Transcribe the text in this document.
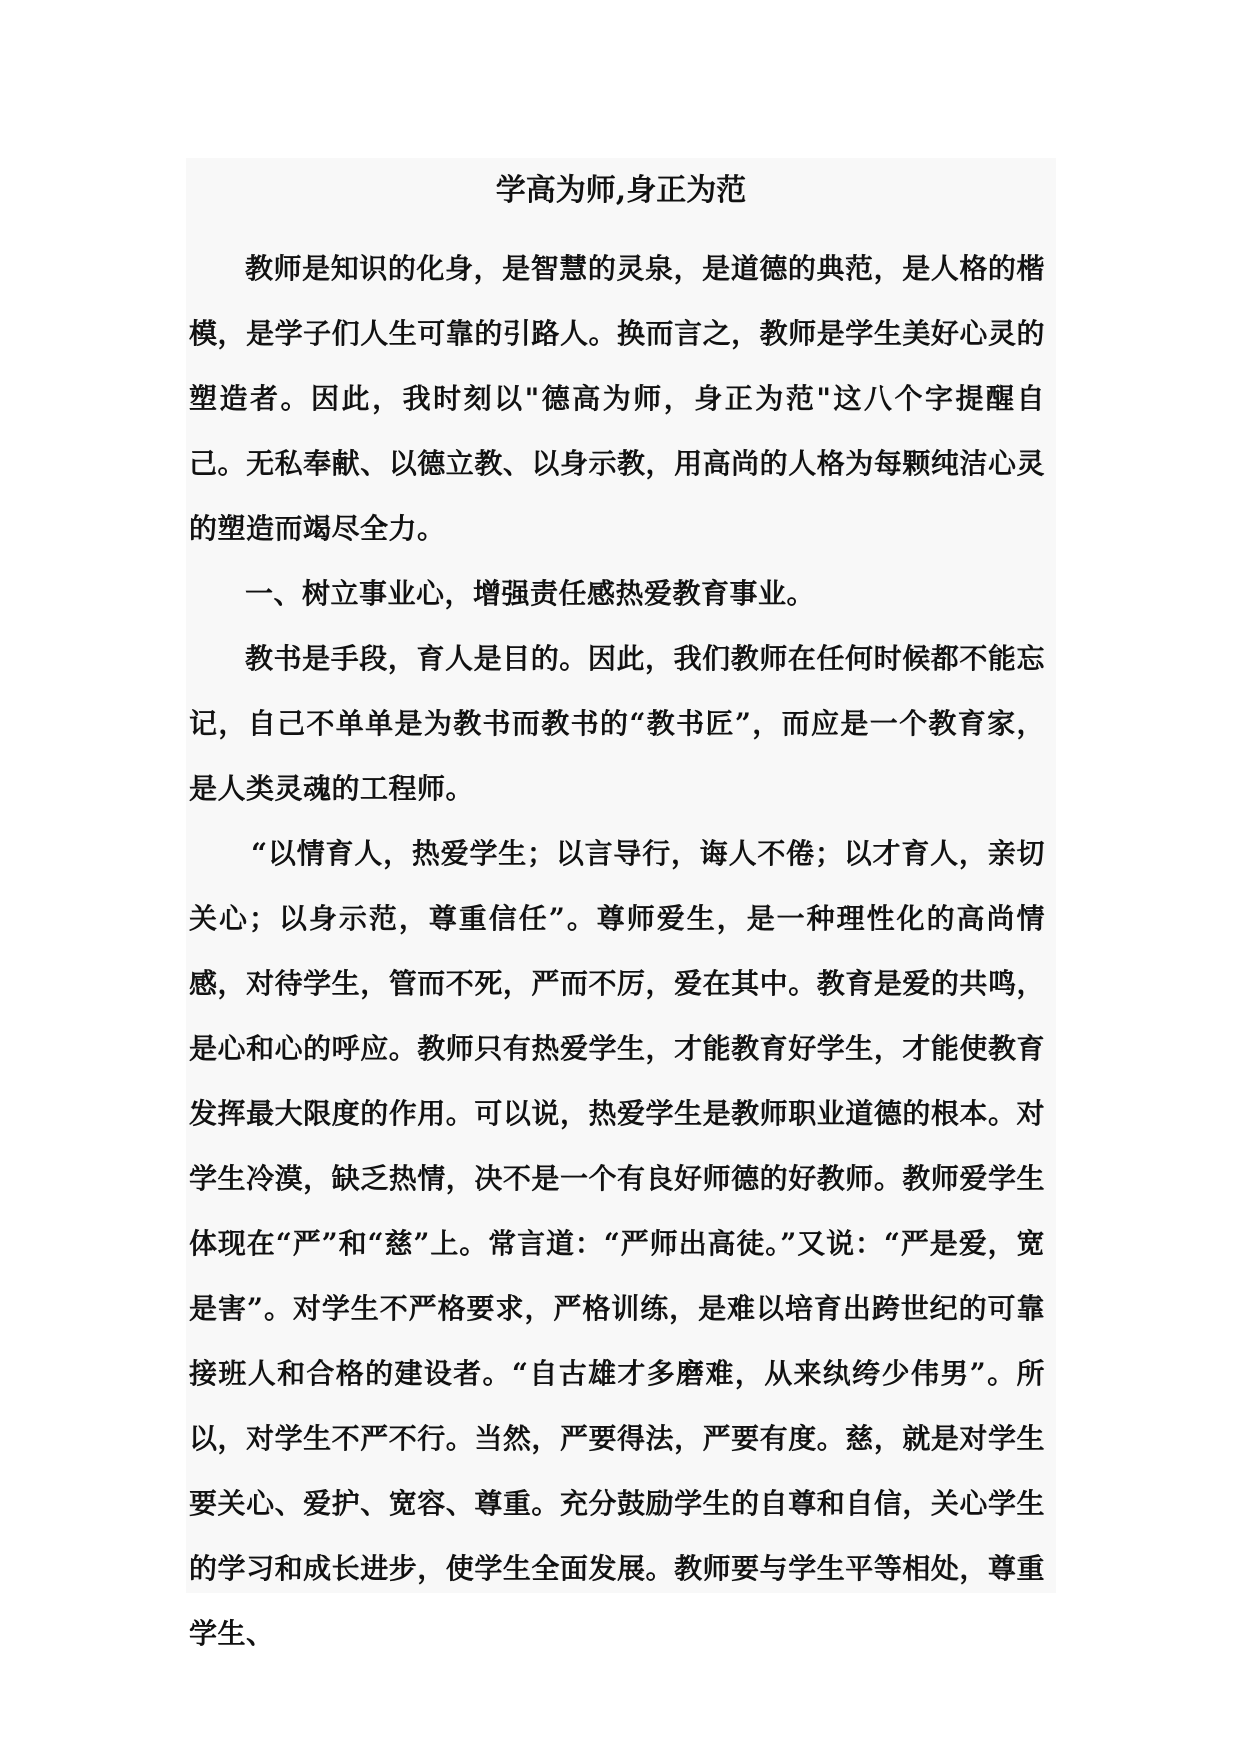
学高为师,身正为范

教师是知识的化身，是智慧的灵泉，是道德的典范，是人格的楷模，是学子们人生可靠的引路人。换而言之，教师是学生美好心灵的塑造者。因此，我时刻以"德高为师，身正为范"这八个字提醒自己。无私奉献、以德立教、以身示教，用高尚的人格为每颗纯洁心灵的塑造而竭尽全力。

一、树立事业心，增强责任感热爱教育事业。

教书是手段，育人是目的。因此，我们教师在任何时候都不能忘记，自己不单单是为教书而教书的“教书匠”，而应是一个教育家，是人类灵魂的工程师。

“以情育人，热爱学生；以言导行，诲人不倦；以才育人，亲切关心；以身示范，尊重信任”。尊师爱生，是一种理性化的高尚情感，对待学生，管而不死，严而不厉，爱在其中。教育是爱的共鸣，是心和心的呼应。教师只有热爱学生，才能教育好学生，才能使教育发挥最大限度的作用。可以说，热爱学生是教师职业道德的根本。对学生冷漠，缺乏热情，决不是一个有良好师德的好教师。教师爱学生体现在“严”和“慈”上。常言道：“严师出高徒。”又说：“严是爱，宽是害”。对学生不严格要求，严格训练，是难以培育出跨世纪的可靠接班人和合格的建设者。“自古雄才多磨难，从来纨绔少伟男”。所以，对学生不严不行。当然，严要得法，严要有度。慈，就是对学生要关心、爱护、宽容、尊重。充分鼓励学生的自尊和自信，关心学生的学习和成长进步，使学生全面发展。教师要与学生平等相处，尊重学生、
